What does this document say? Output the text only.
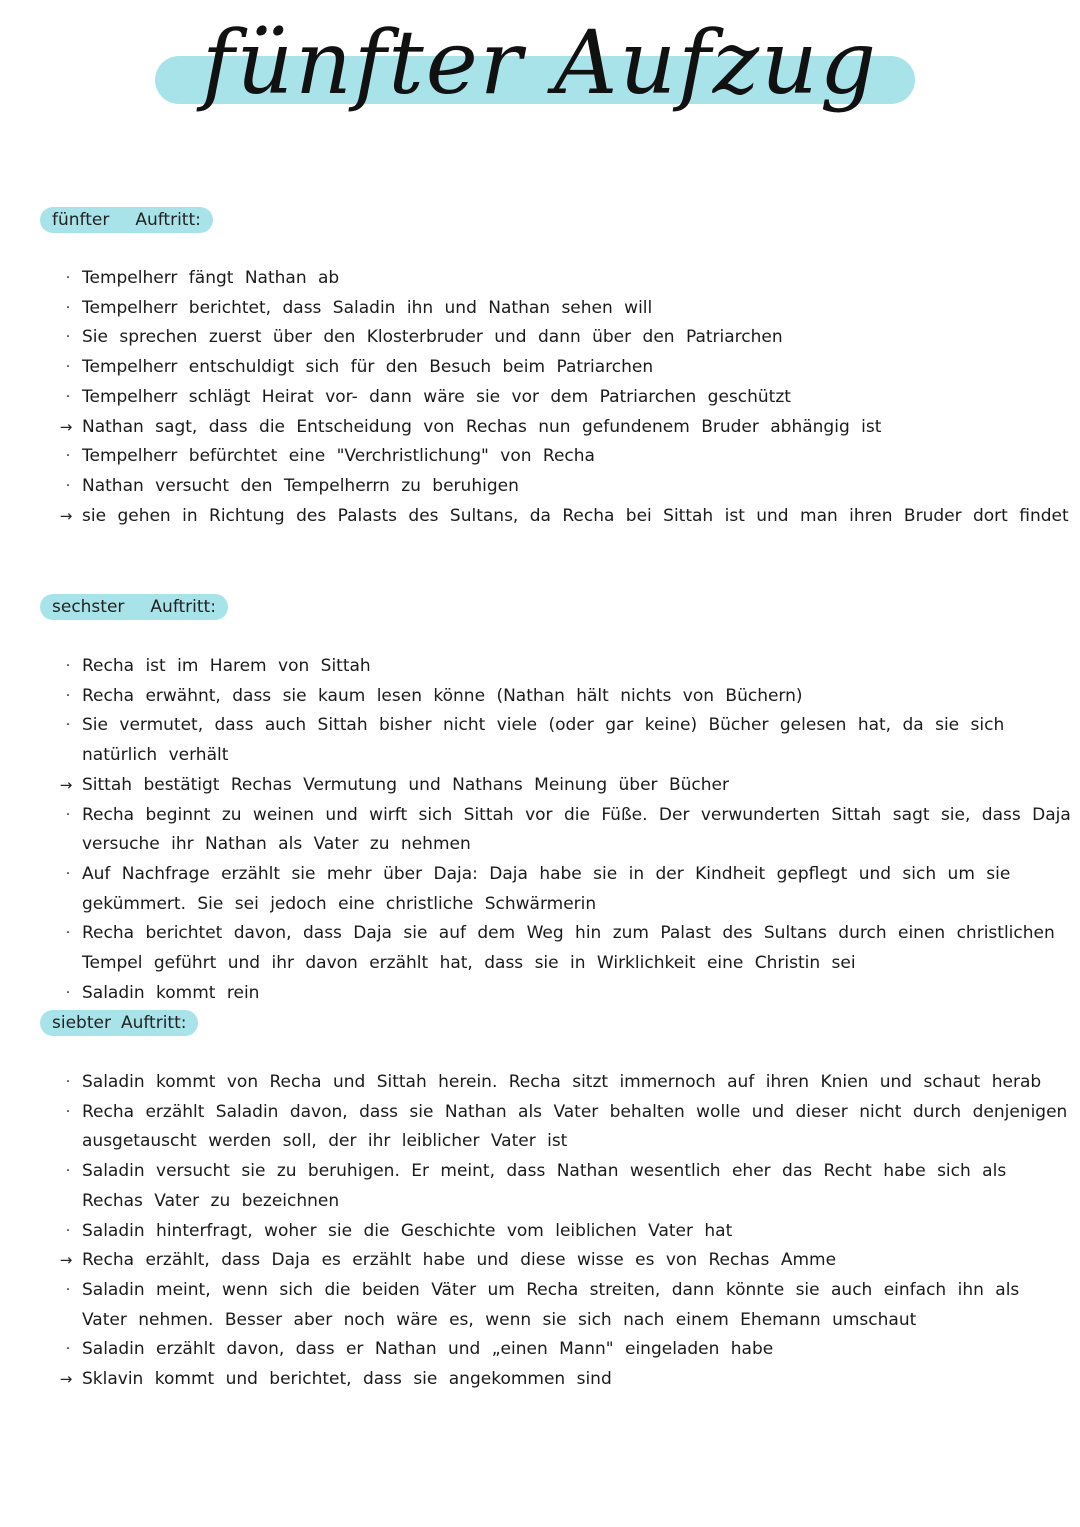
fünfter Aufzug
fünfter Auftritt:
· Tempelherr fängt Nathan ab
· Tempelherr berichtet, dass Saladin ihn und Nathan sehen will
· Sie sprechen zuerst über den Klosterbruder und dann über den Patriarchen
· Tempelherr entschuldigt sich für den Besuch beim Patriarchen
· Tempelherr schlägt Heirat vor- dann wäre sie vor dem Patriarchen geschützt
→ Nathan sagt, dass die Entscheidung von Rechas nun gefundenem Bruder abhängig ist
· Tempelherr befürchtet eine "Verchristlichung" von Recha
· Nathan versucht den Tempelherrn zu beruhigen
→ sie gehen in Richtung des Palasts des Sultans, da Recha bei Sittah ist und man ihren Bruder dort findet
sechster Auftritt:
· Recha ist im Harem von Sittah
· Recha erwähnt, dass sie kaum lesen könne (Nathan hält nichts von Büchern)
· Sie vermutet, dass auch Sittah bisher nicht viele (oder gar keine) Bücher gelesen hat, da sie sich natürlich verhält
→ Sittah bestätigt Rechas Vermutung und Nathans Meinung über Bücher
· Recha beginnt zu weinen und wirft sich Sittah vor die Füße. Der verwunderten Sittah sagt sie, dass Daja versuche ihr Nathan als Vater zu nehmen
· Auf Nachfrage erzählt sie mehr über Daja: Daja habe sie in der Kindheit gepflegt und sich um sie gekümmert. Sie sei jedoch eine christliche Schwärmerin
· Recha berichtet davon, dass Daja sie auf dem Weg hin zum Palast des Sultans durch einen christlichen Tempel geführt und ihr davon erzählt hat, dass sie in Wirklichkeit eine Christin sei
· Saladin kommt rein
siebter Auftritt:
· Saladin kommt von Recha und Sittah herein. Recha sitzt immernoch auf ihren Knien und schaut herab
· Recha erzählt Saladin davon, dass sie Nathan als Vater behalten wolle und dieser nicht durch denjenigen ausgetauscht werden soll, der ihr leiblicher Vater ist
· Saladin versucht sie zu beruhigen. Er meint, dass Nathan wesentlich eher das Recht habe sich als Rechas Vater zu bezeichnen
· Saladin hinterfragt, woher sie die Geschichte vom leiblichen Vater hat
→ Recha erzählt, dass Daja es erzählt habe und diese wisse es von Rechas Amme
· Saladin meint, wenn sich die beiden Väter um Recha streiten, dann könnte sie auch einfach ihn als Vater nehmen. Besser aber noch wäre es, wenn sie sich nach einem Ehemann umschaut
· Saladin erzählt davon, dass er Nathan und „einen Mann" eingeladen habe
→ Sklavin kommt und berichtet, dass sie angekommen sind
